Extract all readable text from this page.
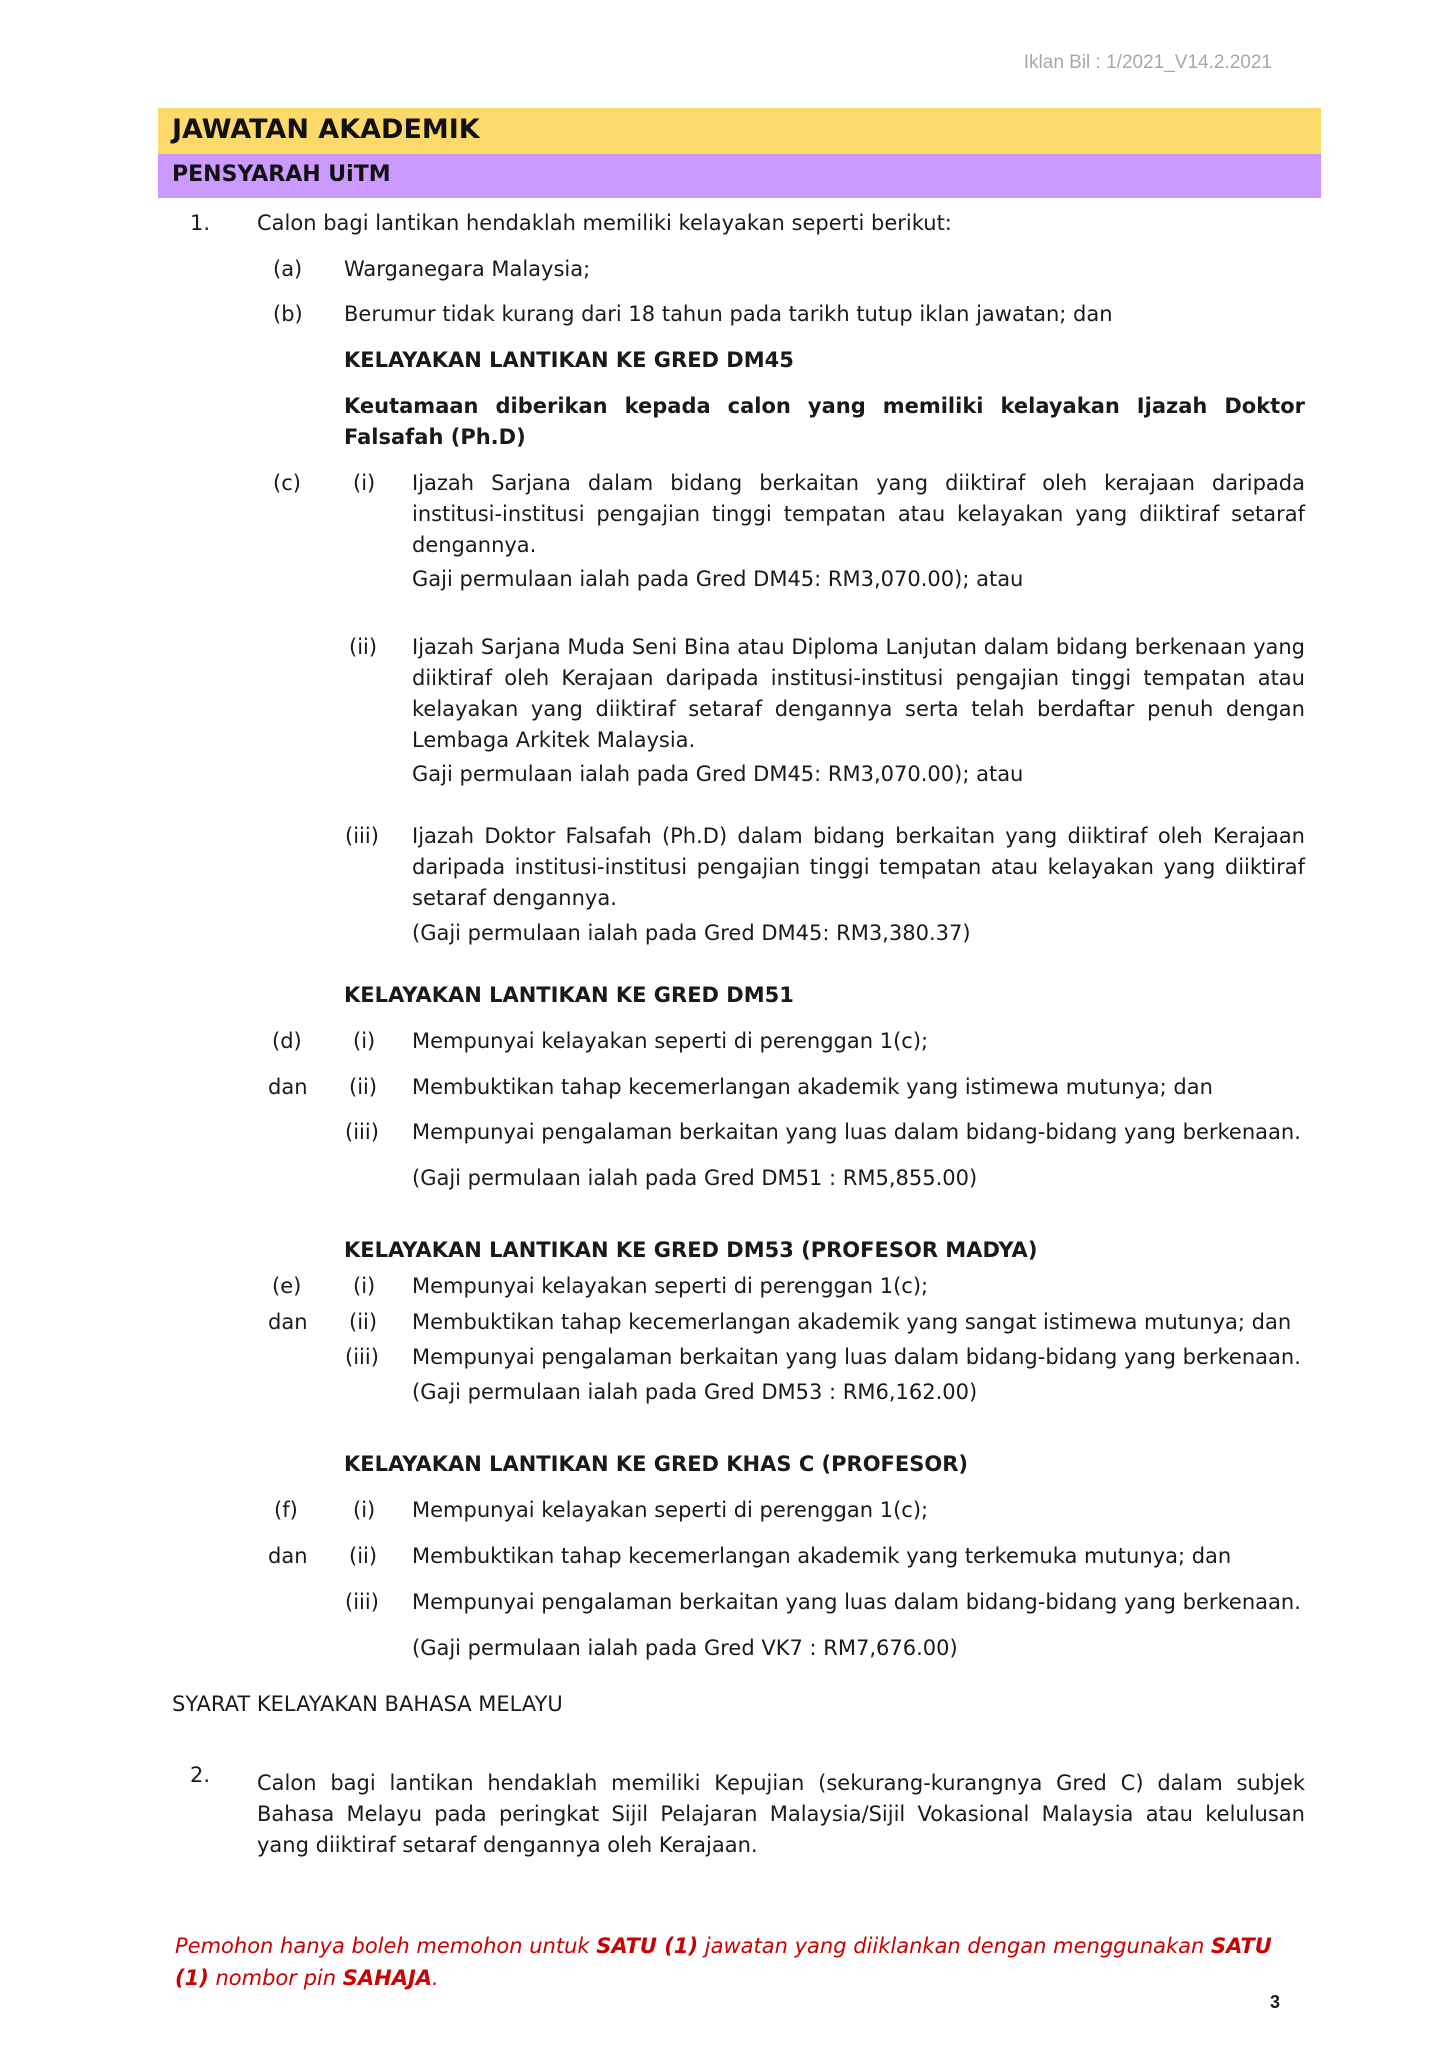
Iklan Bil : 1/2021_V14.2.2021
JAWATAN AKADEMIK
PENSYARAH UiTM
1. Calon bagi lantikan hendaklah memiliki kelayakan seperti berikut:
(a) Warganegara Malaysia;
(b) Berumur tidak kurang dari 18 tahun pada tarikh tutup iklan jawatan; dan
KELAYAKAN LANTIKAN KE GRED DM45
Keutamaan diberikan kepada calon yang memiliki kelayakan Ijazah Doktor Falsafah (Ph.D)
(c) (i) Ijazah Sarjana dalam bidang berkaitan yang diiktiraf oleh kerajaan daripada institusi-institusi pengajian tinggi tempatan atau kelayakan yang diiktiraf setaraf dengannya.
Gaji permulaan ialah pada Gred DM45: RM3,070.00); atau
(ii) Ijazah Sarjana Muda Seni Bina atau Diploma Lanjutan dalam bidang berkenaan yang diiktiraf oleh Kerajaan daripada institusi-institusi pengajian tinggi tempatan atau kelayakan yang diiktiraf setaraf dengannya serta telah berdaftar penuh dengan Lembaga Arkitek Malaysia.
Gaji permulaan ialah pada Gred DM45: RM3,070.00); atau
(iii) Ijazah Doktor Falsafah (Ph.D) dalam bidang berkaitan yang diiktiraf oleh Kerajaan daripada institusi-institusi pengajian tinggi tempatan atau kelayakan yang diiktiraf setaraf dengannya.
(Gaji permulaan ialah pada Gred DM45: RM3,380.37)
KELAYAKAN LANTIKAN KE GRED DM51
(d) (i) Mempunyai kelayakan seperti di perenggan 1(c);
dan (ii) Membuktikan tahap kecemerlangan akademik yang istimewa mutunya; dan
(iii) Mempunyai pengalaman berkaitan yang luas dalam bidang-bidang yang berkenaan.
(Gaji permulaan ialah pada Gred DM51 : RM5,855.00)
KELAYAKAN LANTIKAN KE GRED DM53 (PROFESOR MADYA)
(e) (i) Mempunyai kelayakan seperti di perenggan 1(c);
dan (ii) Membuktikan tahap kecemerlangan akademik yang sangat istimewa mutunya; dan
(iii) Mempunyai pengalaman berkaitan yang luas dalam bidang-bidang yang berkenaan.
(Gaji permulaan ialah pada Gred DM53 : RM6,162.00)
KELAYAKAN LANTIKAN KE GRED KHAS C (PROFESOR)
(f)	(i) Mempunyai kelayakan seperti di perenggan 1(c);
dan (ii) Membuktikan tahap kecemerlangan akademik yang terkemuka mutunya; dan
(iii) Mempunyai pengalaman berkaitan yang luas dalam bidang-bidang yang berkenaan.
(Gaji permulaan ialah pada Gred VK7 : RM7,676.00)
SYARAT KELAYAKAN BAHASA MELAYU
2. Calon bagi lantikan hendaklah memiliki Kepujian (sekurang-kurangnya Gred C) dalam subjek Bahasa Melayu pada peringkat Sijil Pelajaran Malaysia/Sijil Vokasional Malaysia atau kelulusan yang diiktiraf setaraf dengannya oleh Kerajaan.
Pemohon hanya boleh memohon untuk SATU (1) jawatan yang diiklankan dengan menggunakan SATU (1) nombor pin SAHAJA.
3
